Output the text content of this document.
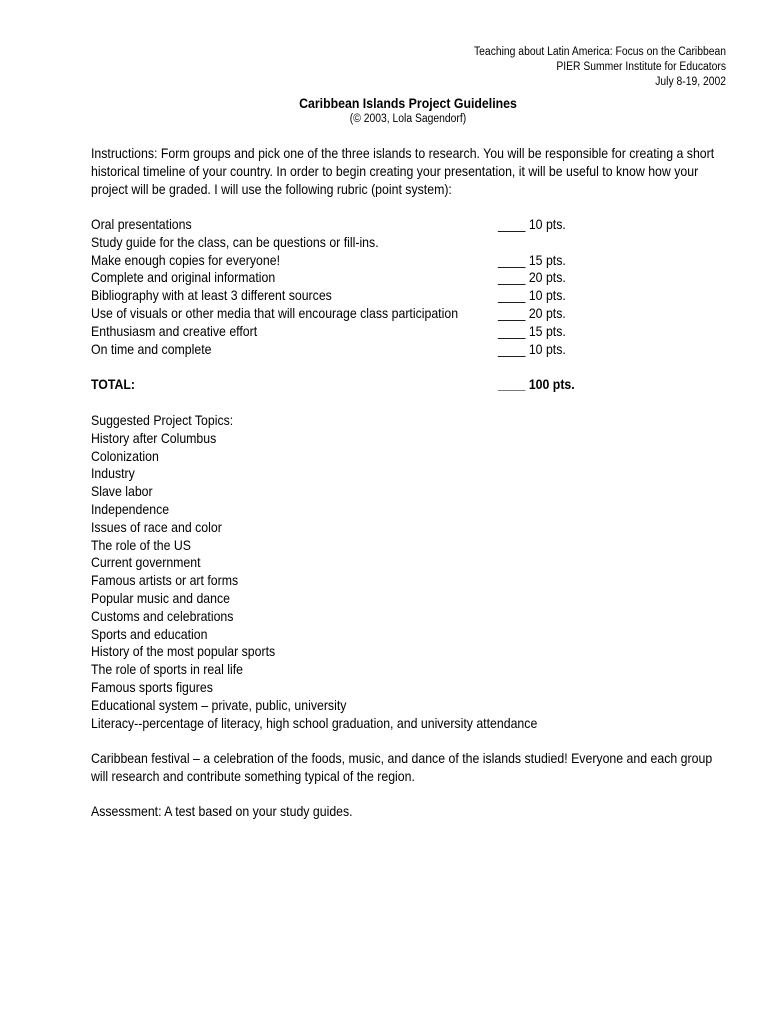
Teaching about Latin America: Focus on the Caribbean
PIER Summer Institute for Educators
July 8-19, 2002
Caribbean Islands Project Guidelines
(© 2003, Lola Sagendorf)
Instructions: Form groups and pick one of the three islands to research. You will be responsible for creating a short
historical timeline of your country. In order to begin creating your presentation, it will be useful to know how your
project will be graded. I will use the following rubric (point system):
Oral presentations	____ 10 pts.
Study guide for the class, can be questions or fill-ins.
Make enough copies for everyone!	____ 15 pts.
Complete and original information	____ 20 pts.
Bibliography with at least 3 different sources	____ 10 pts.
Use of visuals or other media that will encourage class participation	____ 20 pts.
Enthusiasm and creative effort	____ 15 pts.
On time and complete	____ 10 pts.
TOTAL:	____ 100 pts.
Suggested Project Topics:
History after Columbus
Colonization
Industry
Slave labor
Independence
Issues of race and color
The role of the US
Current government
Famous artists or art forms
Popular music and dance
Customs and celebrations
Sports and education
History of the most popular sports
The role of sports in real life
Famous sports figures
Educational system – private, public, university
Literacy--percentage of literacy, high school graduation, and university attendance
Caribbean festival – a celebration of the foods, music, and dance of the islands studied! Everyone and each group
will research and contribute something typical of the region.
Assessment: A test based on your study guides.
